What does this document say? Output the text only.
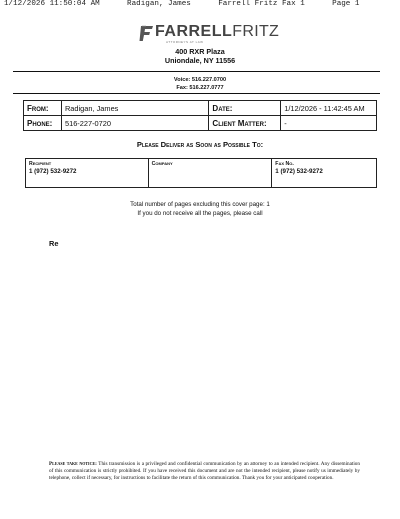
1/12/2026 11:50:04 AM	Radigan, James	Farrell Fritz Fax 1	Page 1
FARRELLFRITZ
ATTORNEYS AT LAW
400 RXR Plaza
Uniondale, NY 11556
Voice: 516.227.0700
Fax: 516.227.0777
From:	Radigan, James	Date:	1/12/2026 - 11:42:45 AM
Phone:	516-227-0720	Client Matter:	-
Please Deliver as Soon as Possible To:
Recipient	Company	Fax No.
1 (972) 532-9272		1 (972) 532-9272
Total number of pages excluding this cover page: 1
If you do not receive all the pages, please call
Re
Please take notice: This transmission is a privileged and confidential communication by an attorney to an intended recipient. Any dissemination of this communication is strictly prohibited. If you have received this document and are not the intended recipient, please notify us immediately by telephone, collect if necessary, for instructions to facilitate the return of this communication. Thank you for your anticipated cooperation.
